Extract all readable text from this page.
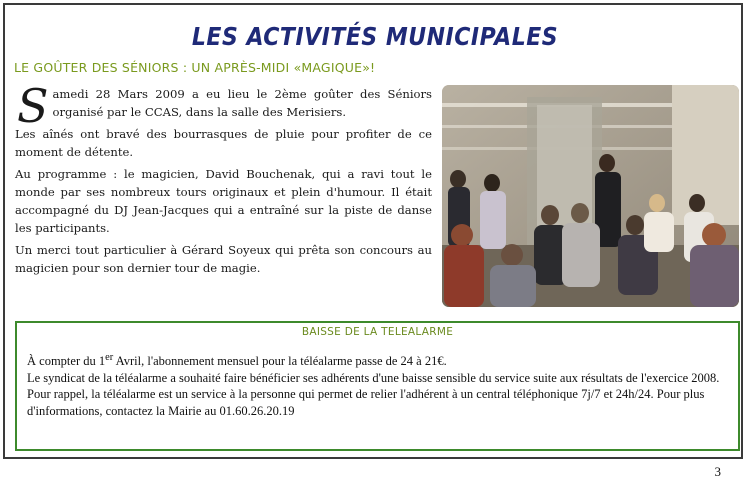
LES ACTIVITÉS MUNICIPALES
LE GOÛTER DES SÉNIORS : UN APRÈS-MIDI «MAGIQUE»!

Samedi 28 Mars 2009 a eu lieu le 2ème goûter des Séniors organisé par le CCAS, dans la salle des Merisiers.

Les aînés ont bravé des bourrasques de pluie pour profiter de ce moment de détente.

Au programme : le magicien, David Bouchenak, qui a ravi tout le monde par ses nombreux tours originaux et plein d'humour. Il était accompagné du DJ Jean-Jacques qui a entraîné sur la piste de danse les participants.

Un merci tout particulier à Gérard Soyeux qui prêta son concours au magicien pour son dernier tour de magie.

BAISSE DE LA TELEALARME
À compter du 1er Avril, l'abonnement mensuel pour la téléalarme passe de 24 à 21€.
Le syndicat de la téléalarme a souhaité faire bénéficier ses adhérents d'une baisse sensible du service suite aux résultats de l'exercice 2008.
Pour rappel, la téléalarme est un service à la personne qui permet de relier l'adhérent à un central téléphonique 7j/7 et 24h/24. Pour plus d'informations, contactez la Mairie au 01.60.26.20.19
3
